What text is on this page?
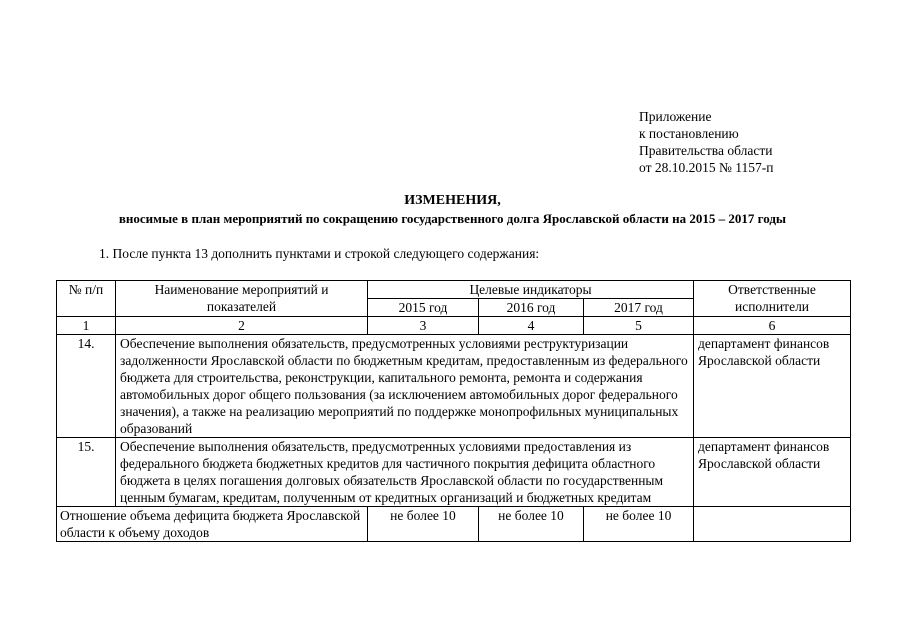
Приложение
к постановлению
Правительства области
от 28.10.2015 № 1157-п
ИЗМЕНЕНИЯ,
вносимые в план мероприятий по сокращению государственного долга Ярославской области на 2015 – 2017 годы
1. После пункта 13 дополнить пунктами и строкой следующего содержания:
№ п/п	Наименование мероприятий и показателей	Целевые индикаторы			Ответственные исполнители
		2015 год	2016 год	2017 год	
1	2	3	4	5	6
14.	Обеспечение выполнения обязательств, предусмотренных условиями реструктуризации задолженности Ярославской области по бюджетным кредитам, предоставленным из федерального бюджета для строительства, реконструкции, капитального ремонта, ремонта и содержания автомобильных дорог общего пользования (за исключением автомобильных дорог федерального значения), а также на реализацию мероприятий по поддержке монопрофильных муниципальных образований				департамент финансов Ярославской области
15.	Обеспечение выполнения обязательств, предусмотренных условиями предоставления из федерального бюджета бюджетных кредитов для частичного покрытия дефицита областного бюджета в целях погашения долговых обязательств Ярославской области по государственным ценным бумагам, кредитам, полученным от кредитных организаций и бюджетных кредитам				департамент финансов Ярославской области
Отношение объема дефицита бюджета Ярославской области к объему доходов		не более 10	не более 10	не более 10	
